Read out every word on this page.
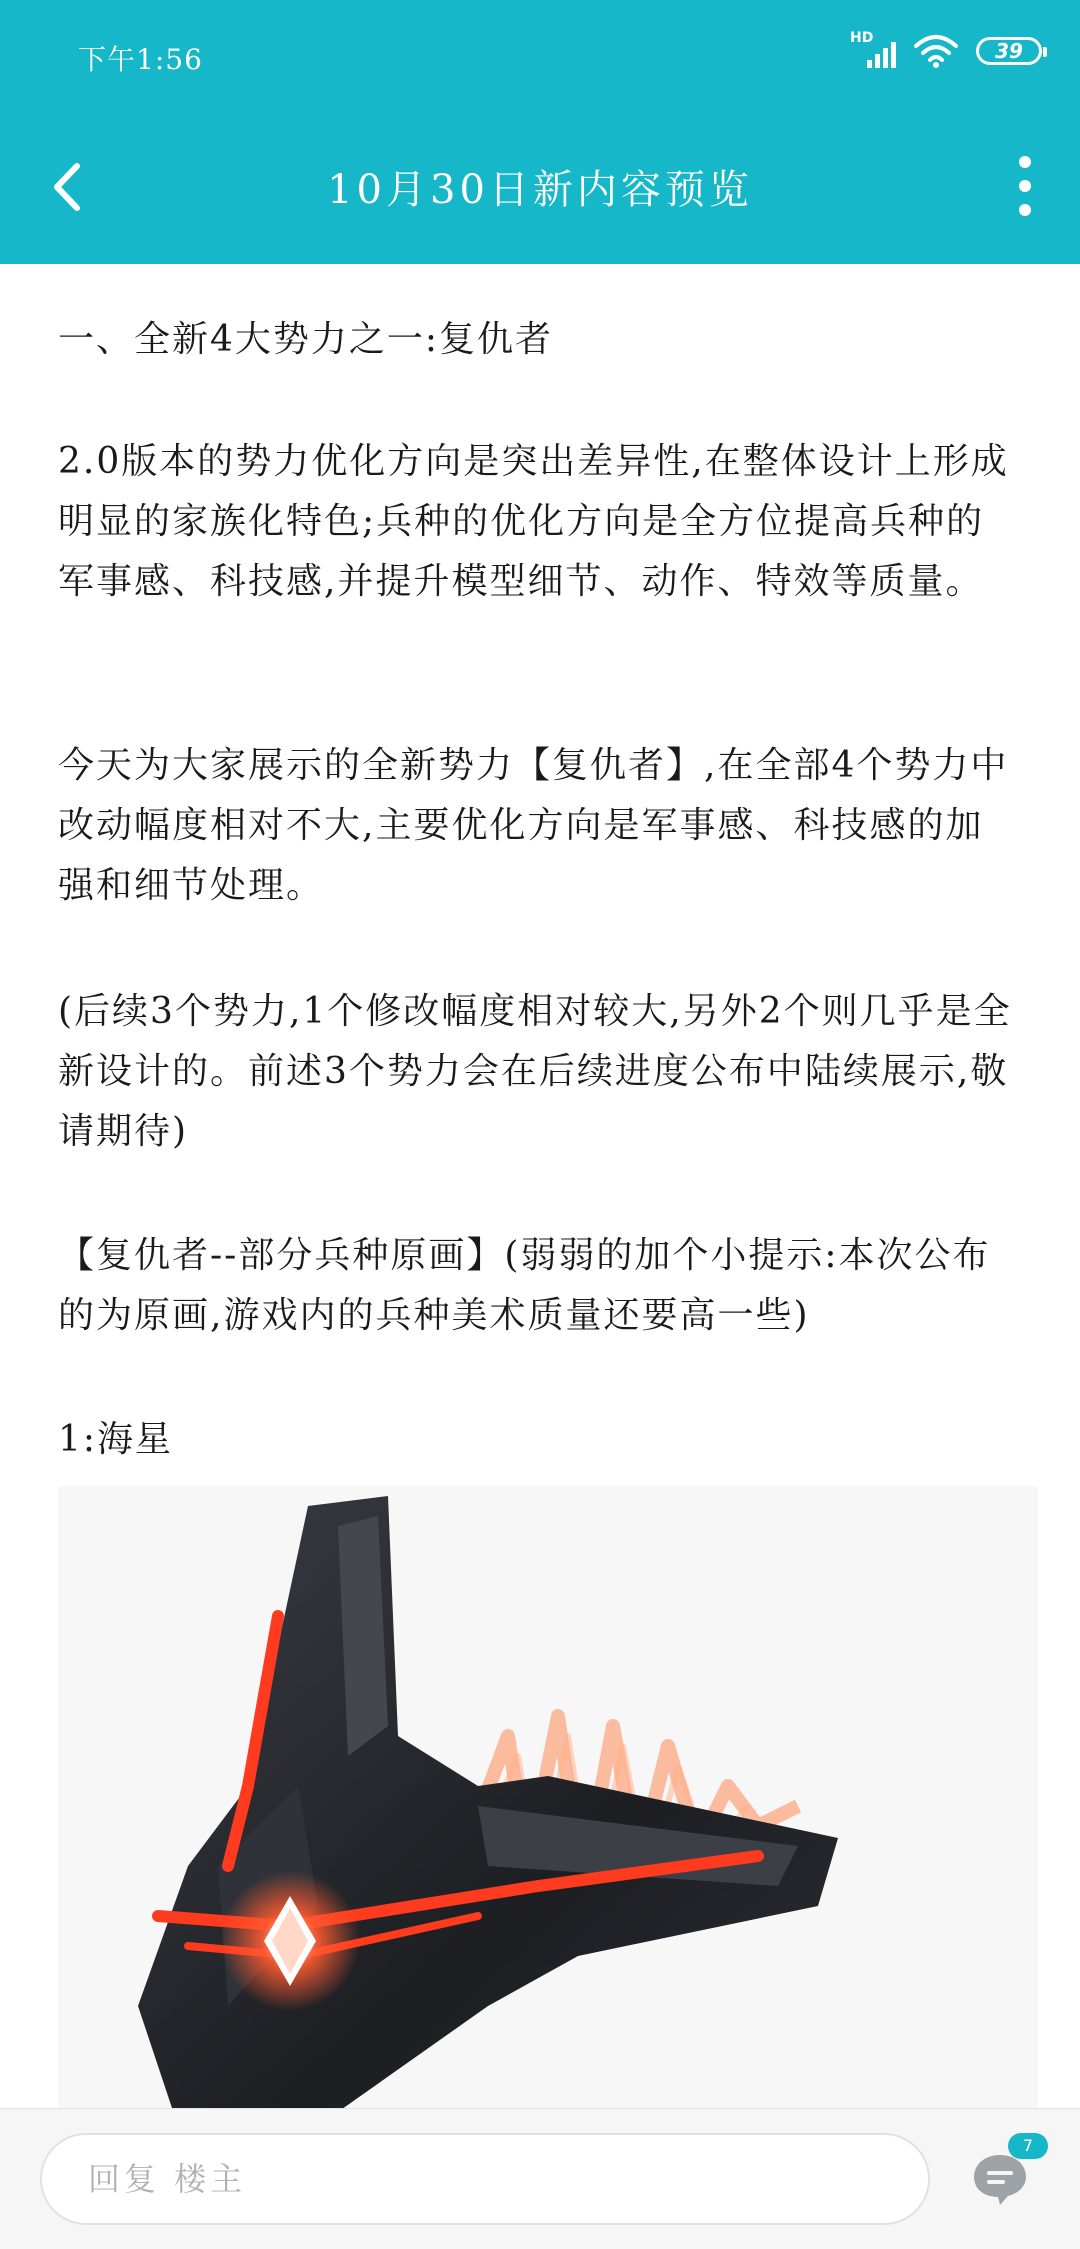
下午1:56
HD
39
10月30日新内容预览
一、全新4大势力之一:复仇者
2.0版本的势力优化方向是突出差异性,在整体设计上形成明显的家族化特色;兵种的优化方向是全方位提高兵种的军事感、科技感,并提升模型细节、动作、特效等质量。
今天为大家展示的全新势力【复仇者】,在全部4个势力中改动幅度相对不大,主要优化方向是军事感、科技感的加强和细节处理。
(后续3个势力,1个修改幅度相对较大,另外2个则几乎是全新设计的。前述3个势力会在后续进度公布中陆续展示,敬请期待)
【复仇者--部分兵种原画】(弱弱的加个小提示:本次公布的为原画,游戏内的兵种美术质量还要高一些)
1:海星
回复 楼主
7
